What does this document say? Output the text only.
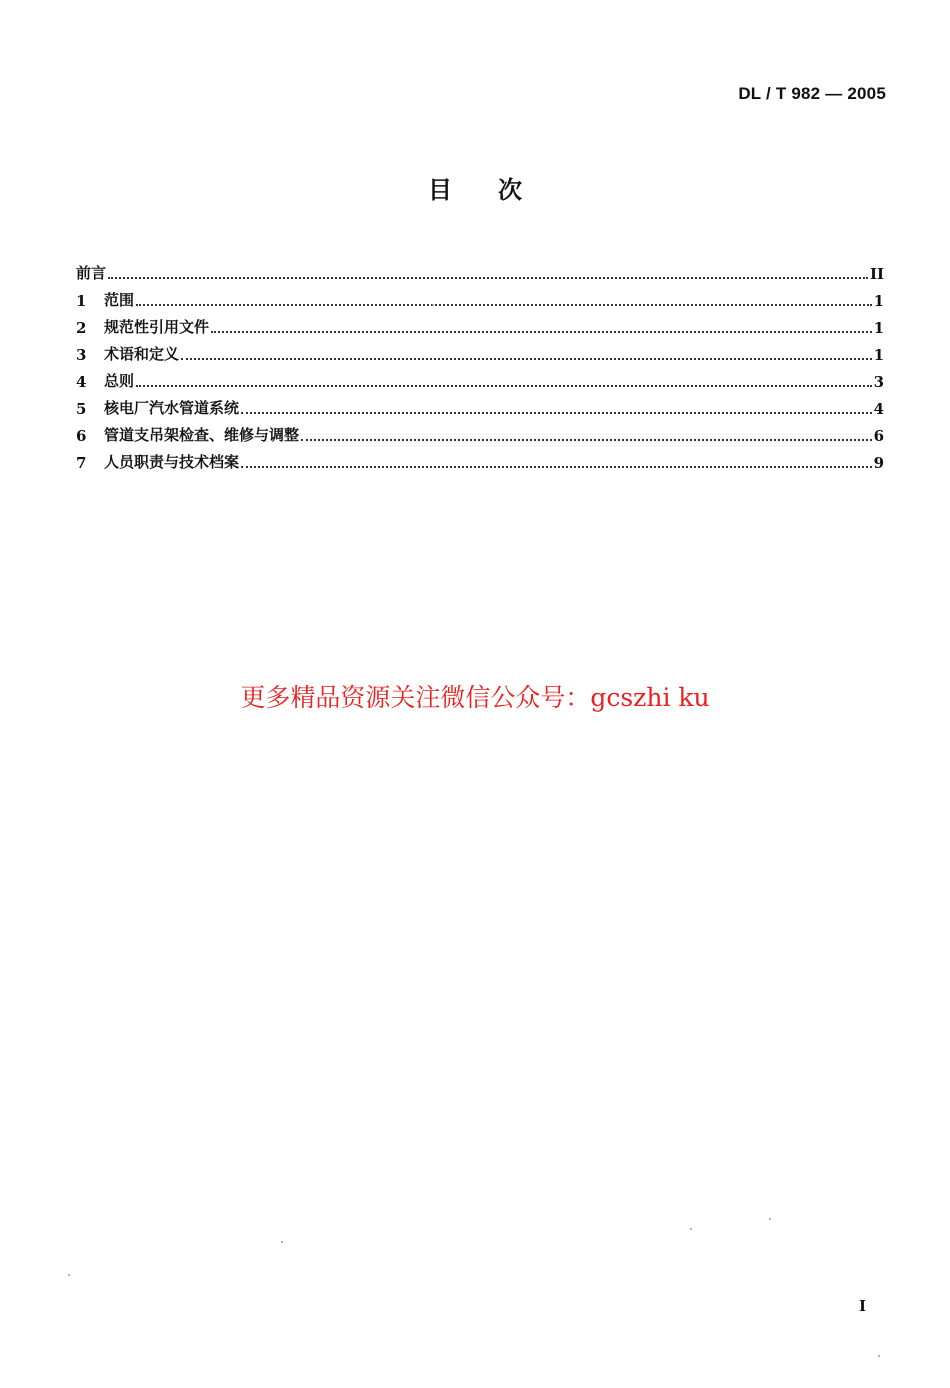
DL / T 982 — 2005
目次
前言	II
1	范围	1
2	规范性引用文件	1
3	术语和定义	1
4	总则	3
5	核电厂汽水管道系统	4
6	管道支吊架检查、维修与调整	6
7	人员职责与技术档案	9
更多精品资源关注微信公众号：gcszhi ku
I
